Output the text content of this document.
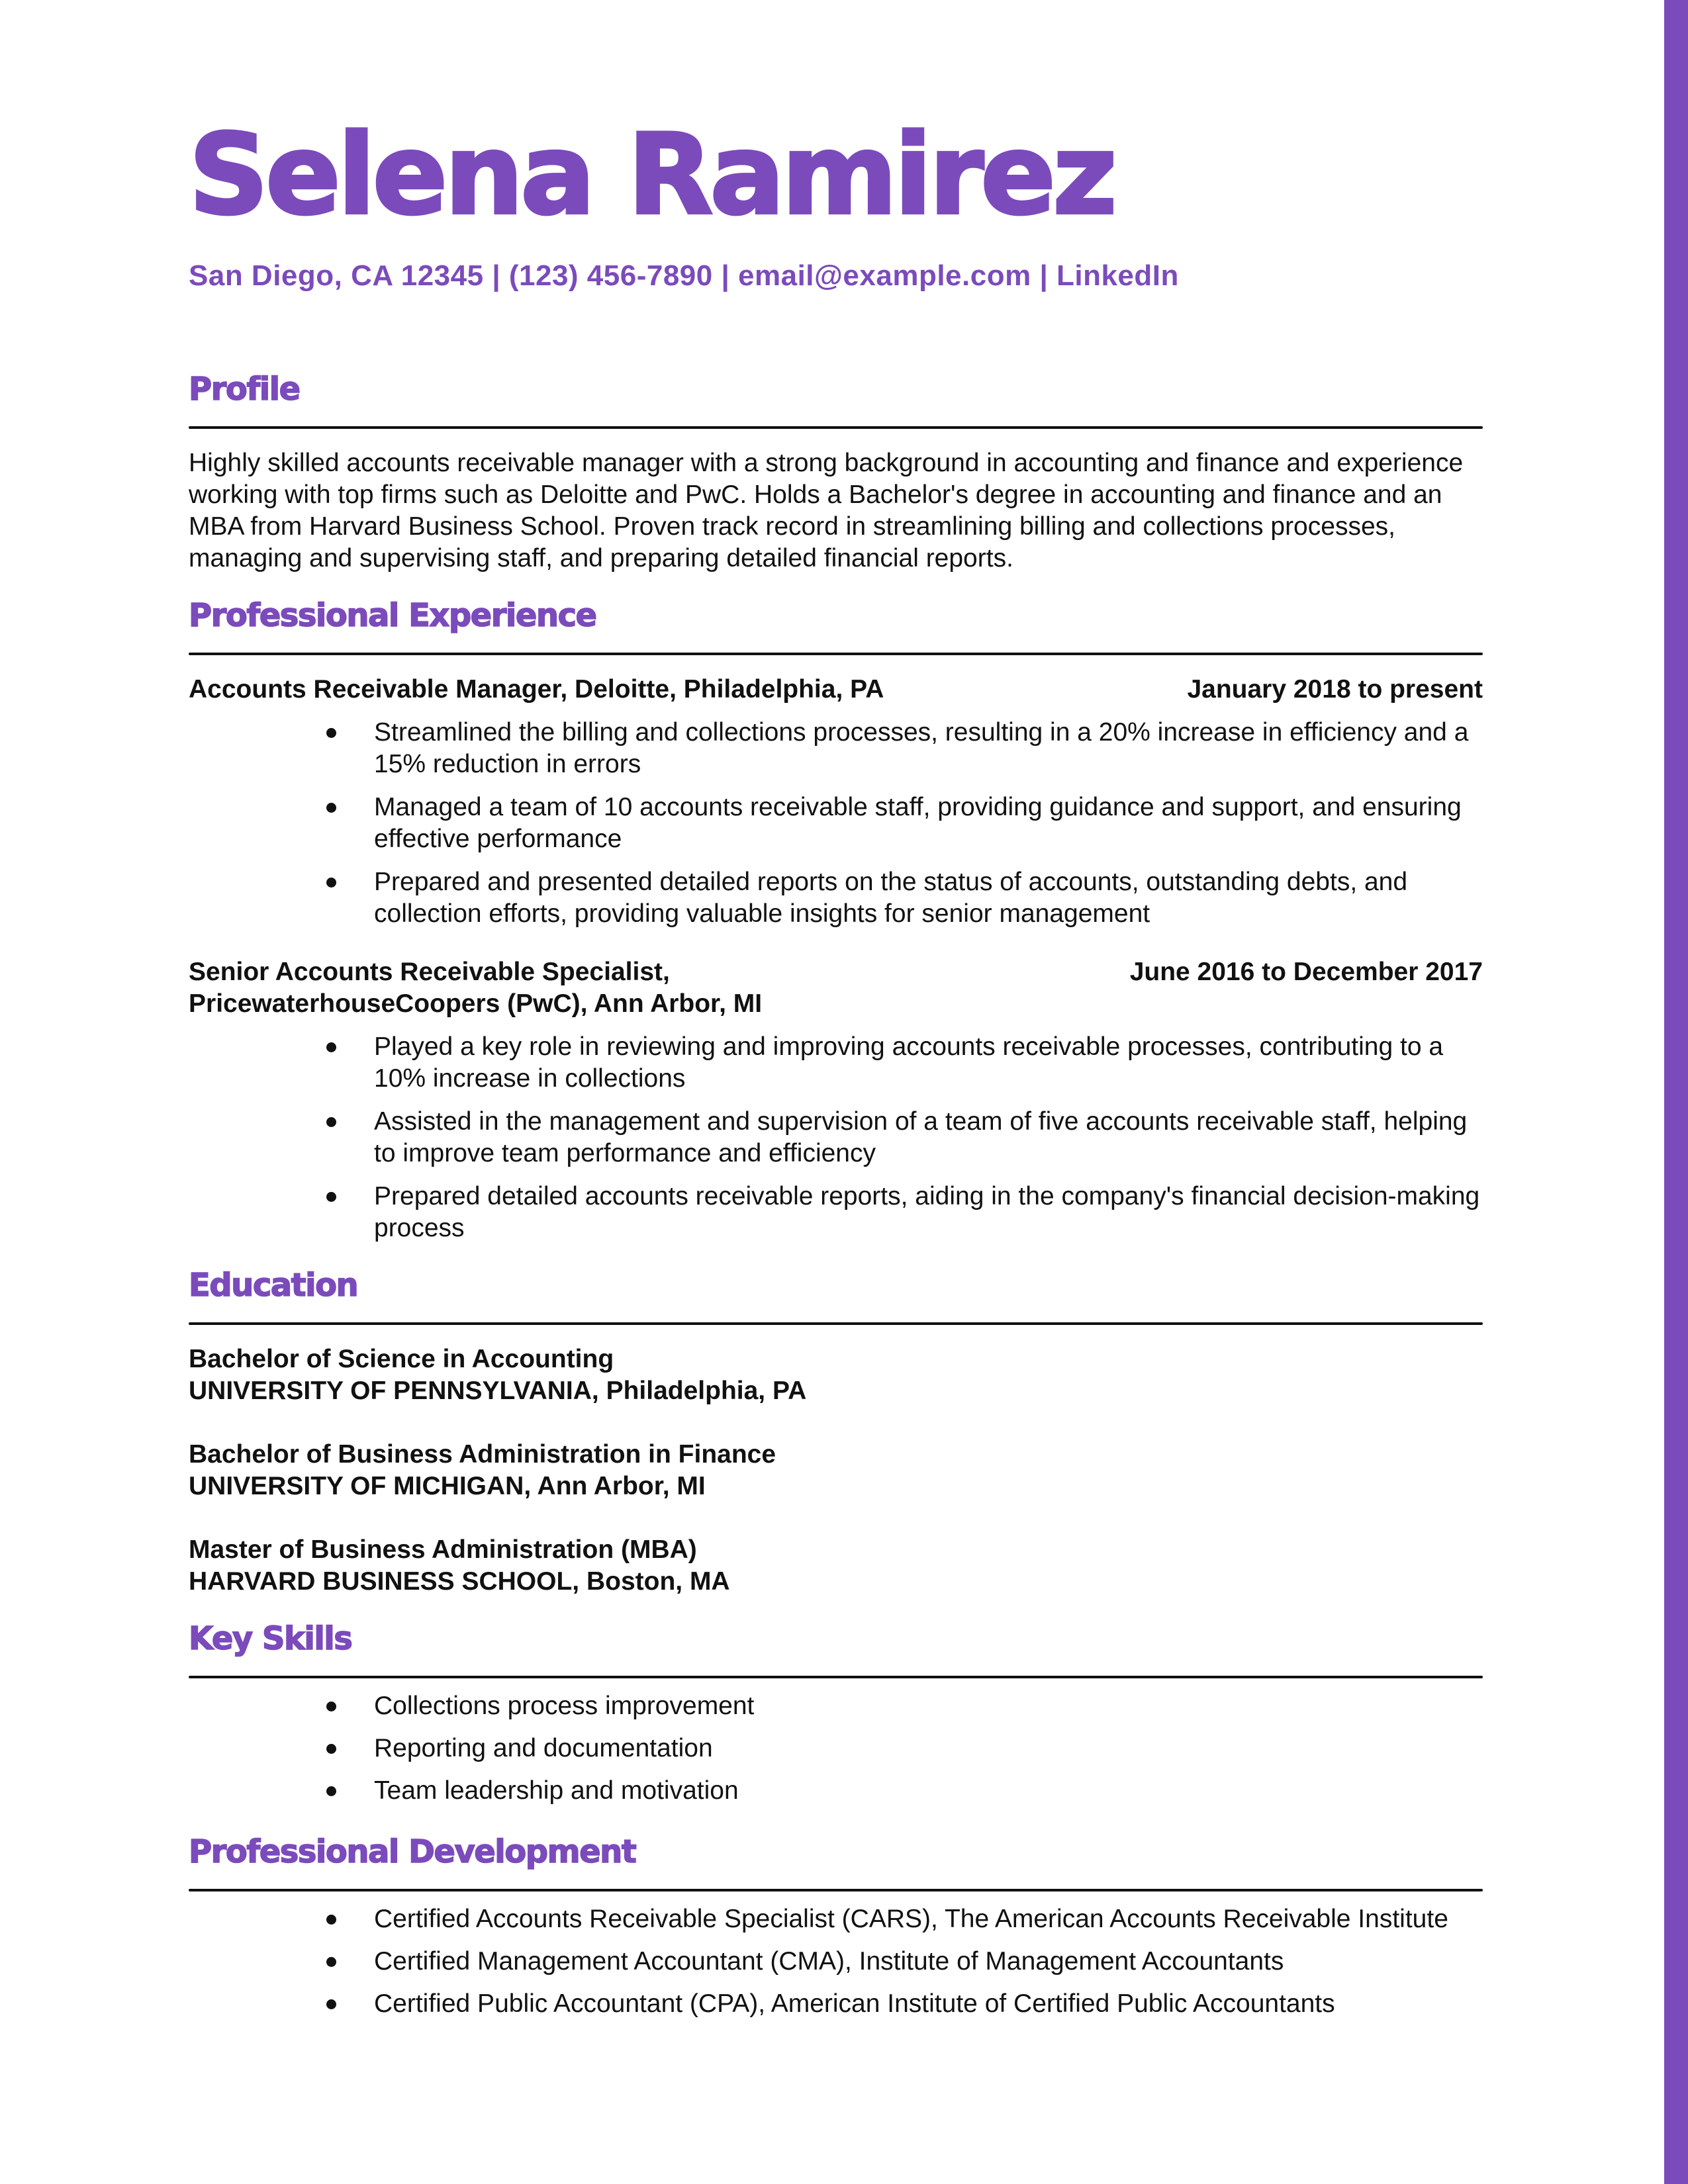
Selena Ramirez
San Diego, CA 12345 | (123) 456-7890 | email@example.com | LinkedIn
Profile
Highly skilled accounts receivable manager with a strong background in accounting and finance and experience working with top firms such as Deloitte and PwC. Holds a Bachelor's degree in accounting and finance and an MBA from Harvard Business School. Proven track record in streamlining billing and collections processes, managing and supervising staff, and preparing detailed financial reports.
Professional Experience
Accounts Receivable Manager, Deloitte, Philadelphia, PA	January 2018 to present
Streamlined the billing and collections processes, resulting in a 20% increase in efficiency and a 15% reduction in errors
Managed a team of 10 accounts receivable staff, providing guidance and support, and ensuring effective performance
Prepared and presented detailed reports on the status of accounts, outstanding debts, and collection efforts, providing valuable insights for senior management
Senior Accounts Receivable Specialist,
PricewaterhouseCoopers (PwC), Ann Arbor, MI
June 2016 to December 2017
Played a key role in reviewing and improving accounts receivable processes, contributing to a 10% increase in collections
Assisted in the management and supervision of a team of five accounts receivable staff, helping to improve team performance and efficiency
Prepared detailed accounts receivable reports, aiding in the company's financial decision-making process
Education
Bachelor of Science in Accounting
UNIVERSITY OF PENNSYLVANIA, Philadelphia, PA
Bachelor of Business Administration in Finance
UNIVERSITY OF MICHIGAN, Ann Arbor, MI
Master of Business Administration (MBA)
HARVARD BUSINESS SCHOOL, Boston, MA
Key Skills
Collections process improvement
Reporting and documentation
Team leadership and motivation
Professional Development
Certified Accounts Receivable Specialist (CARS), The American Accounts Receivable Institute
Certified Management Accountant (CMA), Institute of Management Accountants
Certified Public Accountant (CPA), American Institute of Certified Public Accountants
